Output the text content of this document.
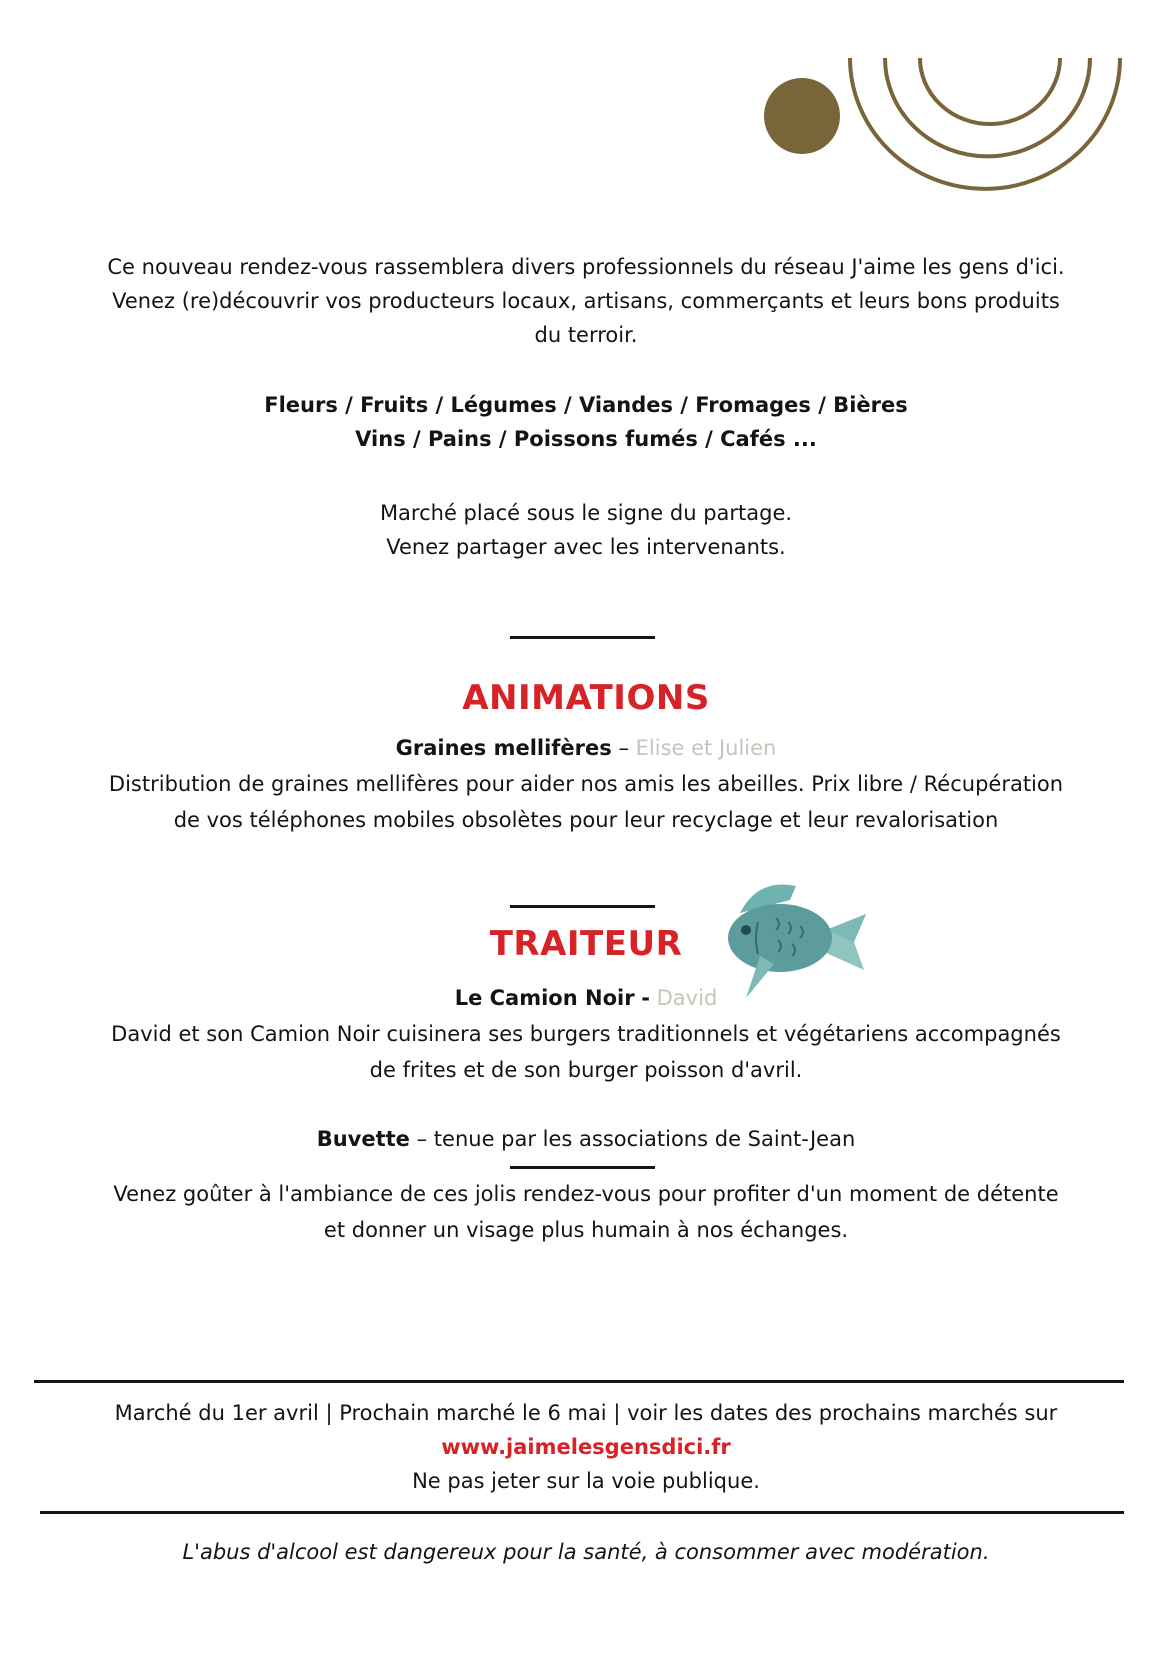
Ce nouveau rendez-vous rassemblera divers professionnels du réseau J'aime les gens d'ici.
Venez (re)découvrir vos producteurs locaux, artisans, commerçants et leurs bons produits
du terroir.
Fleurs / Fruits / Légumes / Viandes / Fromages / Bières
Vins / Pains / Poissons fumés / Cafés ...
Marché placé sous le signe du partage.
Venez partager avec les intervenants.
ANIMATIONS
Graines mellifères – Elise et Julien
Distribution de graines mellifères pour aider nos amis les abeilles. Prix libre / Récupération
de vos téléphones mobiles obsolètes pour leur recyclage et leur revalorisation
TRAITEUR
Le Camion Noir - David
David et son Camion Noir cuisinera ses burgers traditionnels et végétariens accompagnés
de frites et de son burger poisson d'avril.
Buvette – tenue par les associations de Saint-Jean
Venez goûter à l'ambiance de ces jolis rendez-vous pour profiter d'un moment de détente
et donner un visage plus humain à nos échanges.
Marché du 1er avril | Prochain marché le 6 mai | voir les dates des prochains marchés sur
www.jaimelesgensdici.fr
Ne pas jeter sur la voie publique.
L'abus d'alcool est dangereux pour la santé, à consommer avec modération.
